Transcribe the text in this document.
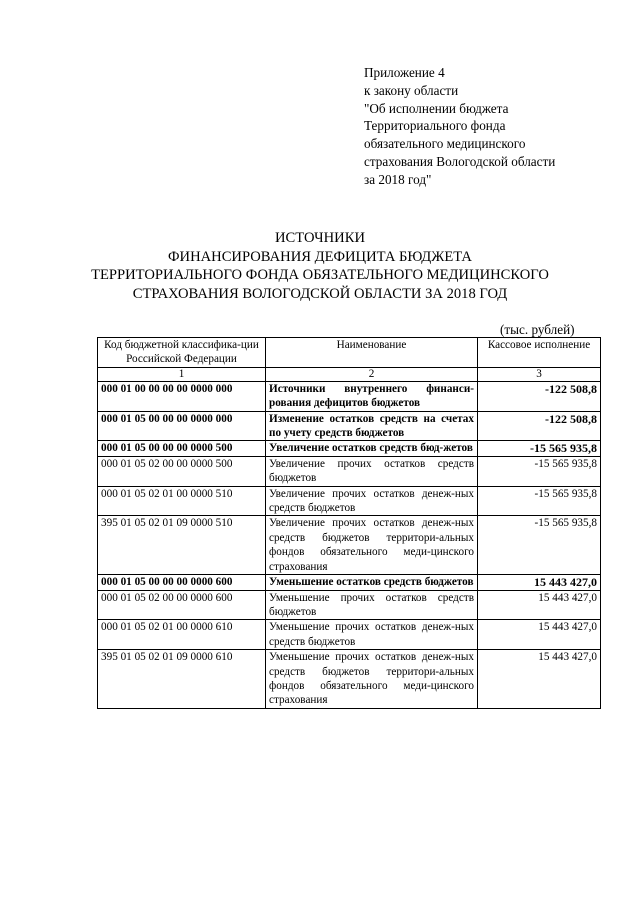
Приложение 4
к закону области
"Об исполнении бюджета
Территориального фонда
обязательного медицинского
страхования Вологодской области
за 2018 год"
ИСТОЧНИКИ
ФИНАНСИРОВАНИЯ ДЕФИЦИТА БЮДЖЕТА
ТЕРРИТОРИАЛЬНОГО ФОНДА ОБЯЗАТЕЛЬНОГО МЕДИЦИНСКОГО
СТРАХОВАНИЯ ВОЛОГОДСКОЙ ОБЛАСТИ ЗА 2018 ГОД
(тыс. рублей)
Код бюджетной классифика-ции Российской Федерации	Наименование	Кассовое исполнение
1	2	3
000 01 00 00 00 00 0000 000	Источники внутреннего финанси-рования дефицитов бюджетов	-122 508,8
000 01 05 00 00 00 0000 000	Изменение остатков средств на счетах по учету средств бюджетов	-122 508,8
000 01 05 00 00 00 0000 500	Увеличение остатков средств бюд-жетов	-15 565 935,8
000 01 05 02 00 00 0000 500	Увеличение прочих остатков средств бюджетов	-15 565 935,8
000 01 05 02 01 00 0000 510	Увеличение прочих остатков денеж-ных средств бюджетов	-15 565 935,8
395 01 05 02 01 09 0000 510	Увеличение прочих остатков денеж-ных средств бюджетов территори-альных фондов обязательного меди-цинского страхования	-15 565 935,8
000 01 05 00 00 00 0000 600	Уменьшение остатков средств бюджетов	15 443 427,0
000 01 05 02 00 00 0000 600	Уменьшение прочих остатков средств бюджетов	15 443 427,0
000 01 05 02 01 00 0000 610	Уменьшение прочих остатков денеж-ных средств бюджетов	15 443 427,0
395 01 05 02 01 09 0000 610	Уменьшение прочих остатков денеж-ных средств бюджетов территори-альных фондов обязательного меди-цинского страхования	15 443 427,0
